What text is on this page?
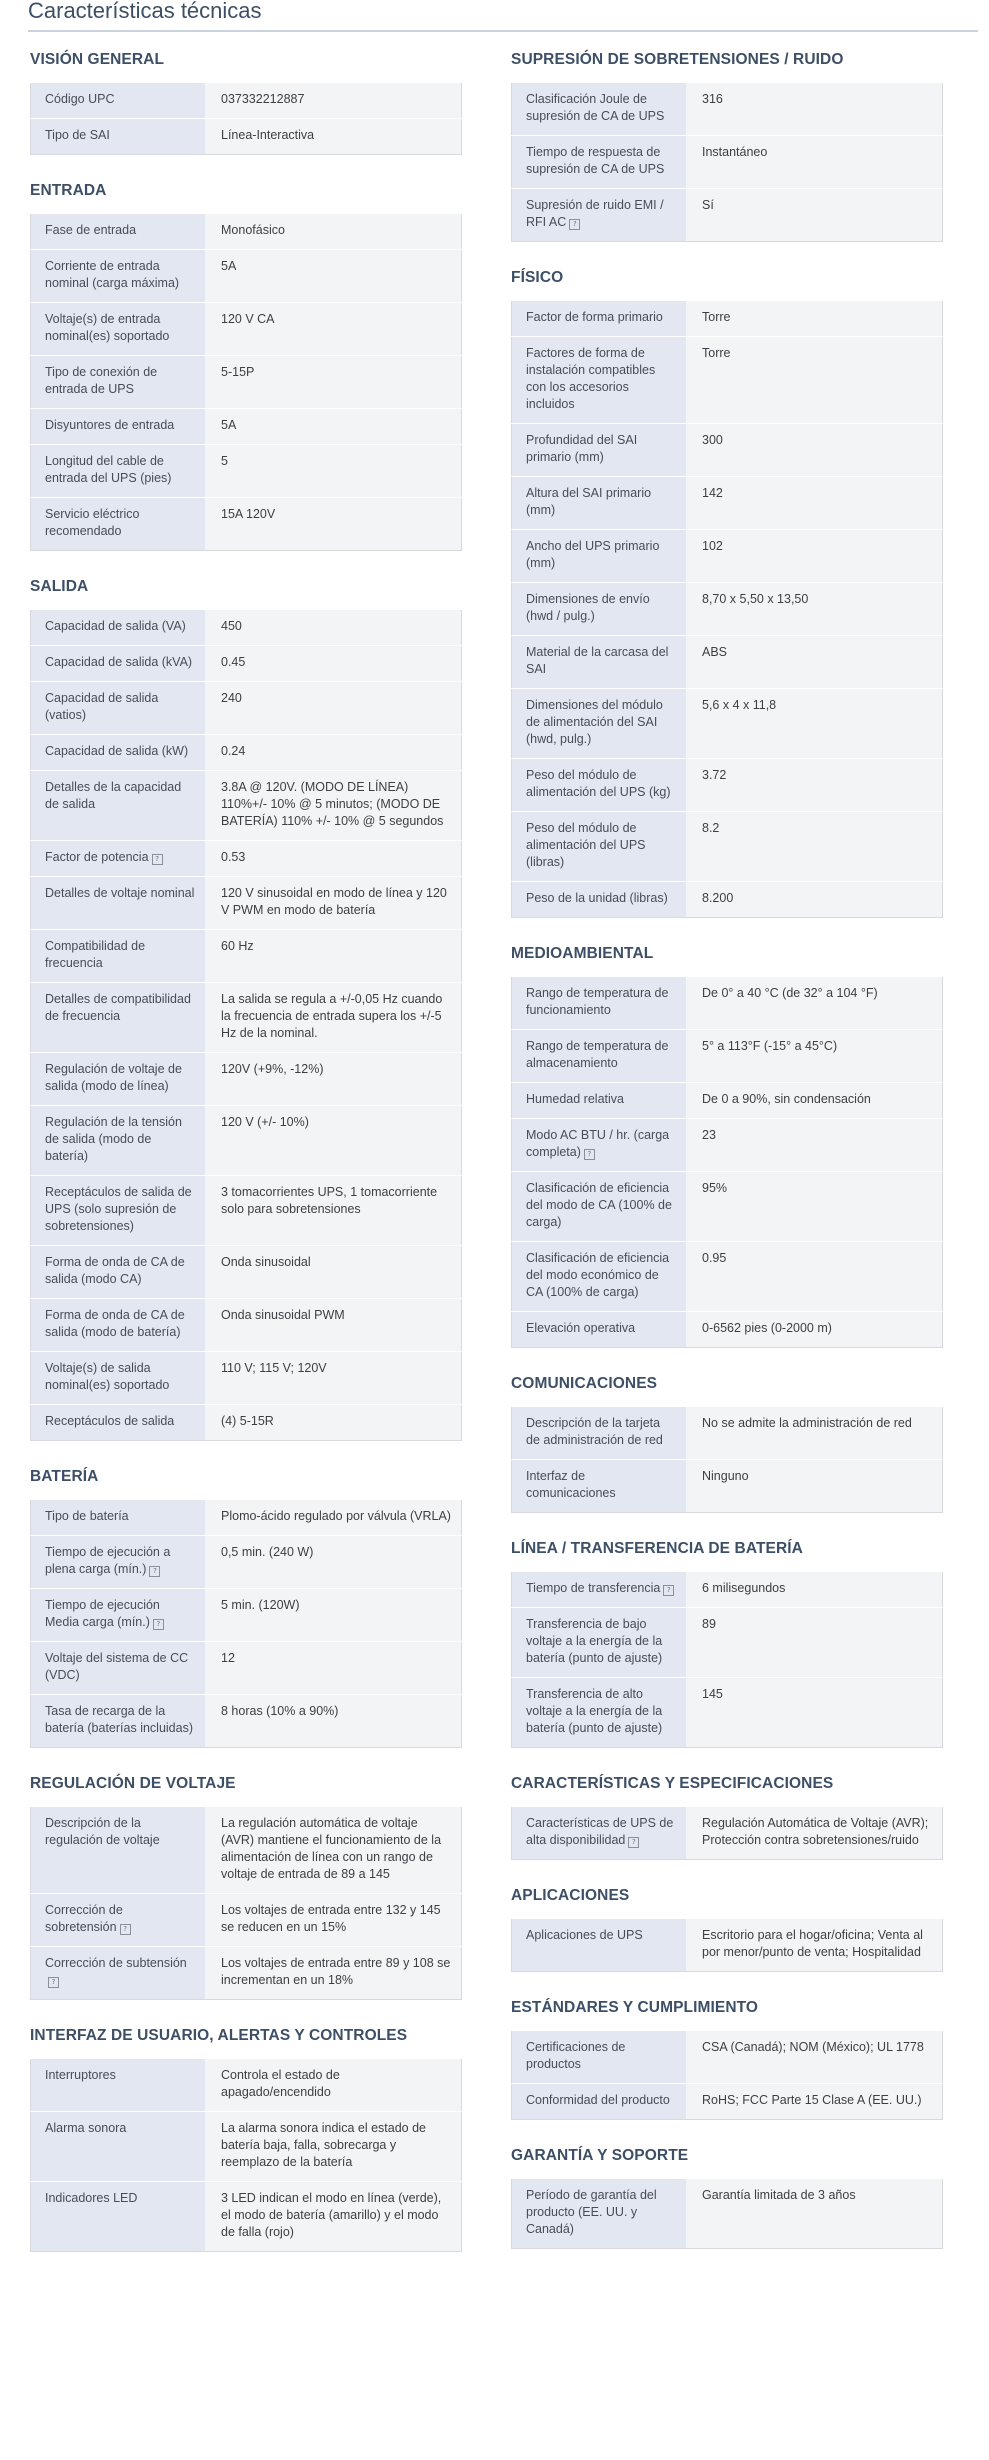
Características técnicas
VISIÓN GENERAL
Código UPC	037332212887
Tipo de SAI	Línea-Interactiva
ENTRADA
Fase de entrada	Monofásico
Corriente de entrada nominal (carga máxima)	5A
Voltaje(s) de entrada nominal(es) soportado	120 V CA
Tipo de conexión de entrada de UPS	5-15P
Disyuntores de entrada	5A
Longitud del cable de entrada del UPS (pies)	5
Servicio eléctrico recomendado	15A 120V
SALIDA
Capacidad de salida (VA)	450
Capacidad de salida (kVA)	0.45
Capacidad de salida (vatios)	240
Capacidad de salida (kW)	0.24
Detalles de la capacidad de salida	3.8A @ 120V. (MODO DE LÍNEA) 110%+/- 10% @ 5 minutos; (MODO DE BATERÍA) 110% +/- 10% @ 5 segundos
Factor de potencia ?	0.53
Detalles de voltaje nominal	120 V sinusoidal en modo de línea y 120 V PWM en modo de batería
Compatibilidad de frecuencia	60 Hz
Detalles de compatibilidad de frecuencia	La salida se regula a +/-0,05 Hz cuando la frecuencia de entrada supera los +/-5 Hz de la nominal.
Regulación de voltaje de salida (modo de línea)	120V (+9%, -12%)
Regulación de la tensión de salida (modo de batería)	120 V (+/- 10%)
Receptáculos de salida de UPS (solo supresión de sobretensiones)	3 tomacorrientes UPS, 1 tomacorriente solo para sobretensiones
Forma de onda de CA de salida (modo CA)	Onda sinusoidal
Forma de onda de CA de salida (modo de batería)	Onda sinusoidal PWM
Voltaje(s) de salida nominal(es) soportado	110 V; 115 V; 120V
Receptáculos de salida	(4) 5-15R
BATERÍA
Tipo de batería	Plomo-ácido regulado por válvula (VRLA)
Tiempo de ejecución a plena carga (mín.) ?	0,5 min. (240 W)
Tiempo de ejecución Media carga (mín.) ?	5 min. (120W)
Voltaje del sistema de CC (VDC)	12
Tasa de recarga de la batería (baterías incluidas)	8 horas (10% a 90%)
REGULACIÓN DE VOLTAJE
Descripción de la regulación de voltaje	La regulación automática de voltaje (AVR) mantiene el funcionamiento de la alimentación de línea con un rango de voltaje de entrada de 89 a 145
Corrección de sobretensión ?	Los voltajes de entrada entre 132 y 145 se reducen en un 15%
Corrección de subtensión?	Los voltajes de entrada entre 89 y 108 se incrementan en un 18%
INTERFAZ DE USUARIO, ALERTAS Y CONTROLES
Interruptores	Controla el estado de apagado/encendido
Alarma sonora	La alarma sonora indica el estado de batería baja, falla, sobrecarga y reemplazo de la batería
Indicadores LED	3 LED indican el modo en línea (verde), el modo de batería (amarillo) y el modo de falla (rojo)
SUPRESIÓN DE SOBRETENSIONES / RUIDO
Clasificación Joule de supresión de CA de UPS	316
Tiempo de respuesta de supresión de CA de UPS	Instantáneo
Supresión de ruido EMI / RFI AC ?	Sí
FÍSICO
Factor de forma primario	Torre
Factores de forma de instalación compatibles con los accesorios incluidos	Torre
Profundidad del SAI primario (mm)	300
Altura del SAI primario (mm)	142
Ancho del UPS primario (mm)	102
Dimensiones de envío (hwd / pulg.)	8,70 x 5,50 x 13,50
Material de la carcasa del SAI	ABS
Dimensiones del módulo de alimentación del SAI (hwd, pulg.)	5,6 x 4 x 11,8
Peso del módulo de alimentación del UPS (kg)	3.72
Peso del módulo de alimentación del UPS (libras)	8.2
Peso de la unidad (libras)	8.200
MEDIOAMBIENTAL
Rango de temperatura de funcionamiento	De 0° a 40 °C (de 32° a 104 °F)
Rango de temperatura de almacenamiento	5° a 113°F (-15° a 45°C)
Humedad relativa	De 0 a 90%, sin condensación
Modo AC BTU / hr. (carga completa) ?	23
Clasificación de eficiencia del modo de CA (100% de carga)	95%
Clasificación de eficiencia del modo económico de CA (100% de carga)	0.95
Elevación operativa	0-6562 pies (0-2000 m)
COMUNICACIONES
Descripción de la tarjeta de administración de red	No se admite la administración de red
Interfaz de comunicaciones	Ninguno
LÍNEA / TRANSFERENCIA DE BATERÍA
Tiempo de transferencia ?	6 milisegundos
Transferencia de bajo voltaje a la energía de la batería (punto de ajuste)	89
Transferencia de alto voltaje a la energía de la batería (punto de ajuste)	145
CARACTERÍSTICAS Y ESPECIFICACIONES
Características de UPS de alta disponibilidad ?	Regulación Automática de Voltaje (AVR); Protección contra sobretensiones/ruido
APLICACIONES
Aplicaciones de UPS	Escritorio para el hogar/oficina; Venta al por menor/punto de venta; Hospitalidad
ESTÁNDARES Y CUMPLIMIENTO
Certificaciones de productos	CSA (Canadá); NOM (México); UL 1778
Conformidad del producto	RoHS; FCC Parte 15 Clase A (EE. UU.)
GARANTÍA Y SOPORTE
Período de garantía del producto (EE. UU. y Canadá)	Garantía limitada de 3 años
